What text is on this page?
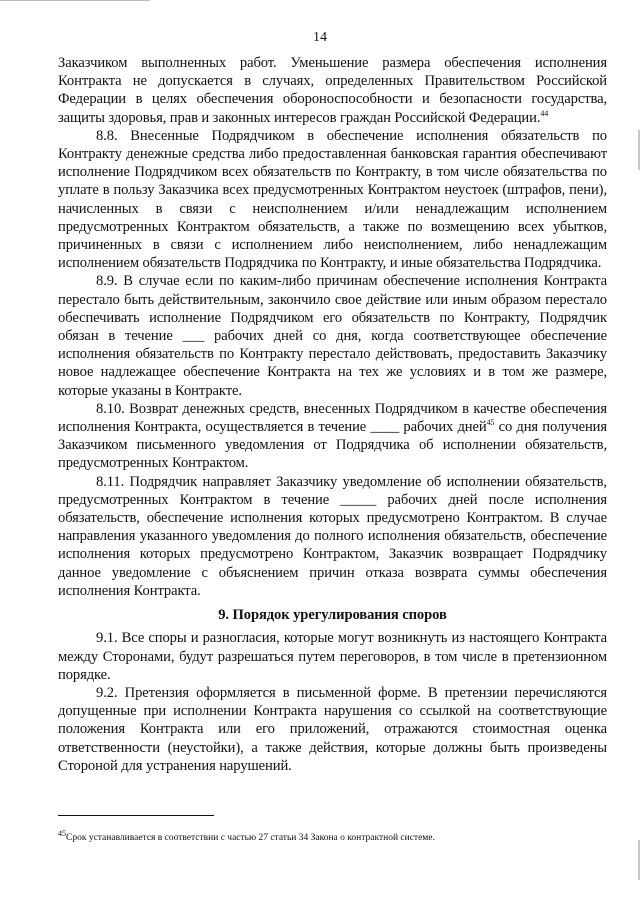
14

Заказчиком выполненных работ. Уменьшение размера обеспечения исполнения Контракта не допускается в случаях, определенных Правительством Российской Федерации в целях обеспечения обороноспособности и безопасности государства, защиты здоровья, прав и законных интересов граждан Российской Федерации.$^{44}$

8.8. Внесенные Подрядчиком в обеспечение исполнения обязательств по Контракту денежные средства либо предоставленная банковская гарантия обеспечивают исполнение Подрядчиком всех обязательств по Контракту, в том числе обязательства по уплате в пользу Заказчика всех предусмотренных Контрактом неустоек (штрафов, пени), начисленных в связи с неисполнением и/или ненадлежащим исполнением предусмотренных Контрактом обязательств, а также по возмещению всех убытков, причиненных в связи с исполнением либо неисполнением, либо ненадлежащим исполнением обязательств Подрядчика по Контракту, и иные обязательства Подрядчика.

8.9. В случае если по каким-либо причинам обеспечение исполнения Контракта перестало быть действительным, закончило свое действие или иным образом перестало обеспечивать исполнение Подрядчиком его обязательств по Контракту, Подрядчик обязан в течение ___ рабочих дней со дня, когда соответствующее обеспечение исполнения обязательств по Контракту перестало действовать, предоставить Заказчику новое надлежащее обеспечение Контракта на тех же условиях и в том же размере, которые указаны в Контракте.

8.10. Возврат денежных средств, внесенных Подрядчиком в качестве обеспечения исполнения Контракта, осуществляется в течение ____ рабочих дней$^{45}$ со дня получения Заказчиком письменного уведомления от Подрядчика об исполнении обязательств, предусмотренных Контрактом.

8.11. Подрядчик направляет Заказчику уведомление об исполнении обязательств, предусмотренных Контрактом в течение _____ рабочих дней после исполнения обязательств, обеспечение исполнения которых предусмотрено Контрактом. В случае направления указанного уведомления до полного исполнения обязательств, обеспечение исполнения которых предусмотрено Контрактом, Заказчик возвращает Подрядчику данное уведомление с объяснением причин отказа возврата суммы обеспечения исполнения Контракта.

9. Порядок урегулирования споров

9.1. Все споры и разногласия, которые могут возникнуть из настоящего Контракта между Сторонами, будут разрешаться путем переговоров, в том числе в претензионном порядке.

9.2. Претензия оформляется в письменной форме. В претензии перечисляются допущенные при исполнении Контракта нарушения со ссылкой на соответствующие положения Контракта или его приложений, отражаются стоимостная оценка ответственности (неустойки), а также действия, которые должны быть произведены Стороной для устранения нарушений.

$^{45}$Срок устанавливается в соответствии с частью 27 статьи 34 Закона о контрактной системе.
